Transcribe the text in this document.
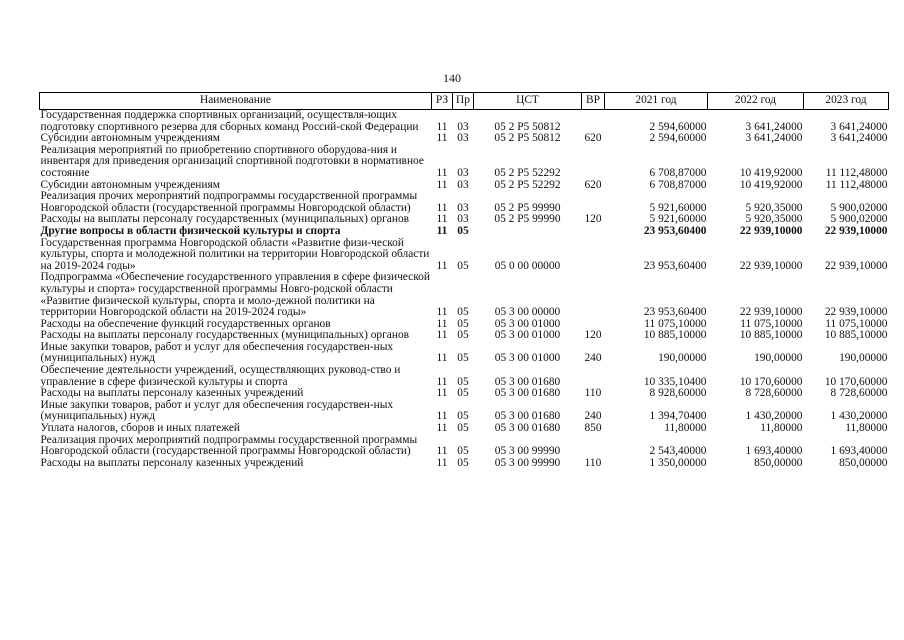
140
Наименование	РЗ	Пр	ЦСТ	ВР	2021 год	2022 год	2023 год
Государственная поддержка спортивных организаций, осуществля-ющих подготовку спортивного резерва для сборных команд Россий-ской Федерации	11	03	05 2 Р5 50812		2 594,60000	3 641,24000	3 641,24000
Субсидии автономным учреждениям	11	03	05 2 Р5 50812	620	2 594,60000	3 641,24000	3 641,24000
Реализация мероприятий по приобретению спортивного оборудова-ния и инвентаря для приведения организаций спортивной подготовки в нормативное состояние	11	03	05 2 Р5 52292		6 708,87000	10 419,92000	11 112,48000
Субсидии автономным учреждениям	11	03	05 2 Р5 52292	620	6 708,87000	10 419,92000	11 112,48000
Реализация прочих мероприятий подпрограммы государственной программы Новгородской области (государственной программы Новгородской области)	11	03	05 2 Р5 99990		5 921,60000	5 920,35000	5 900,02000
Расходы на выплаты персоналу государственных (муниципальных) органов	11	03	05 2 Р5 99990	120	5 921,60000	5 920,35000	5 900,02000
Другие вопросы в области физической культуры и спорта	11	05			23 953,60400	22 939,10000	22 939,10000
Государственная программа Новгородской области «Развитие физи-ческой культуры, спорта и молодежной политики на территории Новгородской области на 2019-2024 годы»	11	05	05 0 00 00000		23 953,60400	22 939,10000	22 939,10000
Подпрограмма «Обеспечение государственного управления в сфере физической культуры и спорта» государственной программы Новго-родской области «Развитие физической культуры, спорта и моло-дежной политики на территории Новгородской области на 2019-2024 годы»	11	05	05 3 00 00000		23 953,60400	22 939,10000	22 939,10000
Расходы на обеспечение функций государственных органов	11	05	05 3 00 01000		11 075,10000	11 075,10000	11 075,10000
Расходы на выплаты персоналу государственных (муниципальных) органов	11	05	05 3 00 01000	120	10 885,10000	10 885,10000	10 885,10000
Иные закупки товаров, работ и услуг для обеспечения государствен-ных (муниципальных) нужд	11	05	05 3 00 01000	240	190,00000	190,00000	190,00000
Обеспечение деятельности учреждений, осуществляющих руковод-ство и управление в сфере физической культуры и спорта	11	05	05 3 00 01680		10 335,10400	10 170,60000	10 170,60000
Расходы на выплаты персоналу казенных учреждений	11	05	05 3 00 01680	110	8 928,60000	8 728,60000	8 728,60000
Иные закупки товаров, работ и услуг для обеспечения государствен-ных (муниципальных) нужд	11	05	05 3 00 01680	240	1 394,70400	1 430,20000	1 430,20000
Уплата налогов, сборов и иных платежей	11	05	05 3 00 01680	850	11,80000	11,80000	11,80000
Реализация прочих мероприятий подпрограммы государственной программы Новгородской области (государственной программы Новгородской области)	11	05	05 3 00 99990		2 543,40000	1 693,40000	1 693,40000
Расходы на выплаты персоналу казенных учреждений	11	05	05 3 00 99990	110	1 350,00000	850,00000	850,00000
